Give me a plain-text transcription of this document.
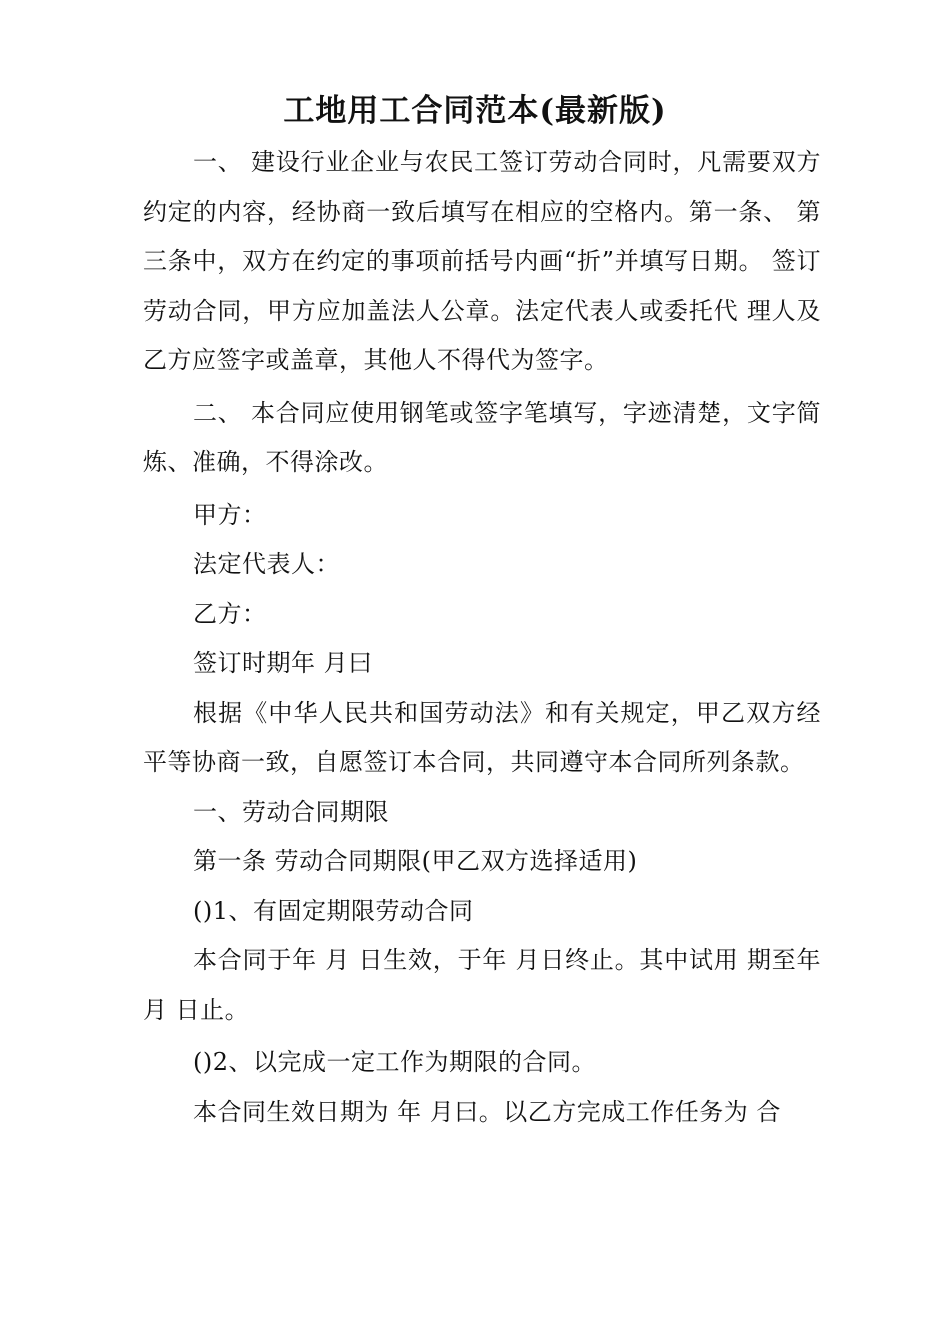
工地用工合同范本(最新版)

一、 建设行业企业与农民工签订劳动合同时，凡需要双方约定的内容，经协商一致后填写在相应的空格内。第一条、 第三条中，双方在约定的事项前括号内画“折”并填写日期。 签订劳动合同，甲方应加盖法人公章。法定代表人或委托代 理人及乙方应签字或盖章，其他人不得代为签字。

二、 本合同应使用钢笔或签字笔填写，字迹清楚，文字简炼、准确，不得涂改。

甲方：

法定代表人：

乙方：

签订时期年 月曰

根据《中华人民共和国劳动法》和有关规定，甲乙双方经平等协商一致，自愿签订本合同，共同遵守本合同所列条款。

一、劳动合同期限

第一条 劳动合同期限(甲乙双方选择适用)

()1、有固定期限劳动合同

本合同于年 月 日生效，于年 月日终止。其中试用 期至年 月 日止。

()2、以完成一定工作为期限的合同。

本合同生效日期为 年 月曰。以乙方完成工作任务为 合
